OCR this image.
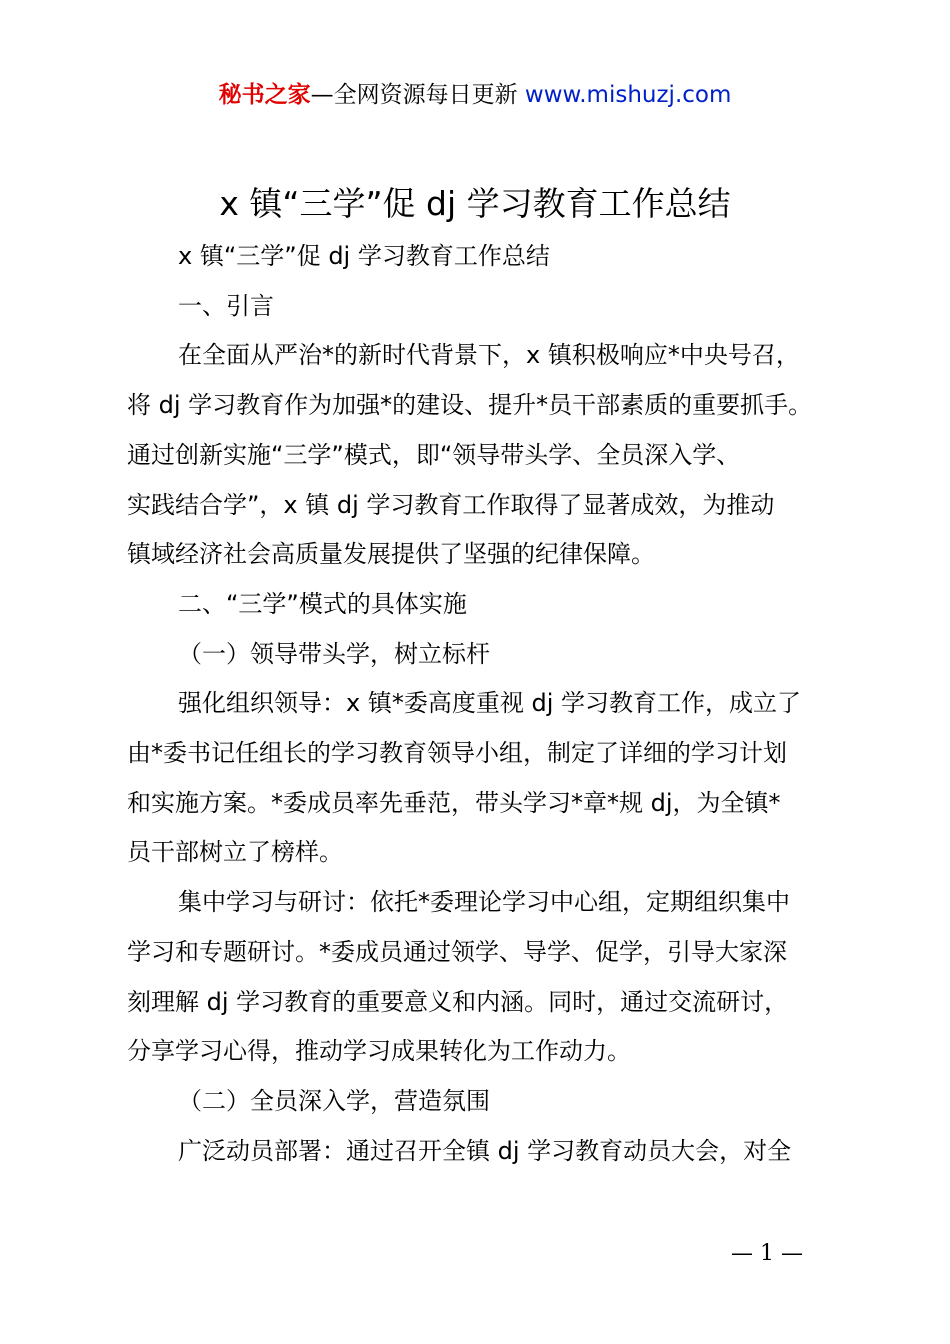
秘书之家—全网资源每日更新 www.mishuzj.com
x 镇“三学”促 dj 学习教育工作总结

x 镇“三学”促 dj 学习教育工作总结

一、引言

在全面从严治*的新时代背景下，x 镇积极响应*中央号召，

将 dj 学习教育作为加强*的建设、提升*员干部素质的重要抓手。

通过创新实施“三学”模式，即“领导带头学、全员深入学、

实践结合学”，x 镇 dj 学习教育工作取得了显著成效，为推动

镇域经济社会高质量发展提供了坚强的纪律保障。

二、“三学”模式的具体实施

（一）领导带头学，树立标杆

强化组织领导：x 镇*委高度重视 dj 学习教育工作，成立了

由*委书记任组长的学习教育领导小组，制定了详细的学习计划

和实施方案。*委成员率先垂范，带头学习*章*规 dj，为全镇*

员干部树立了榜样。

集中学习与研讨：依托*委理论学习中心组，定期组织集中

学习和专题研讨。*委成员通过领学、导学、促学，引导大家深

刻理解 dj 学习教育的重要意义和内涵。同时，通过交流研讨，

分享学习心得，推动学习成果转化为工作动力。

（二）全员深入学，营造氛围

广泛动员部署：通过召开全镇 dj 学习教育动员大会，对全

— 1 —
